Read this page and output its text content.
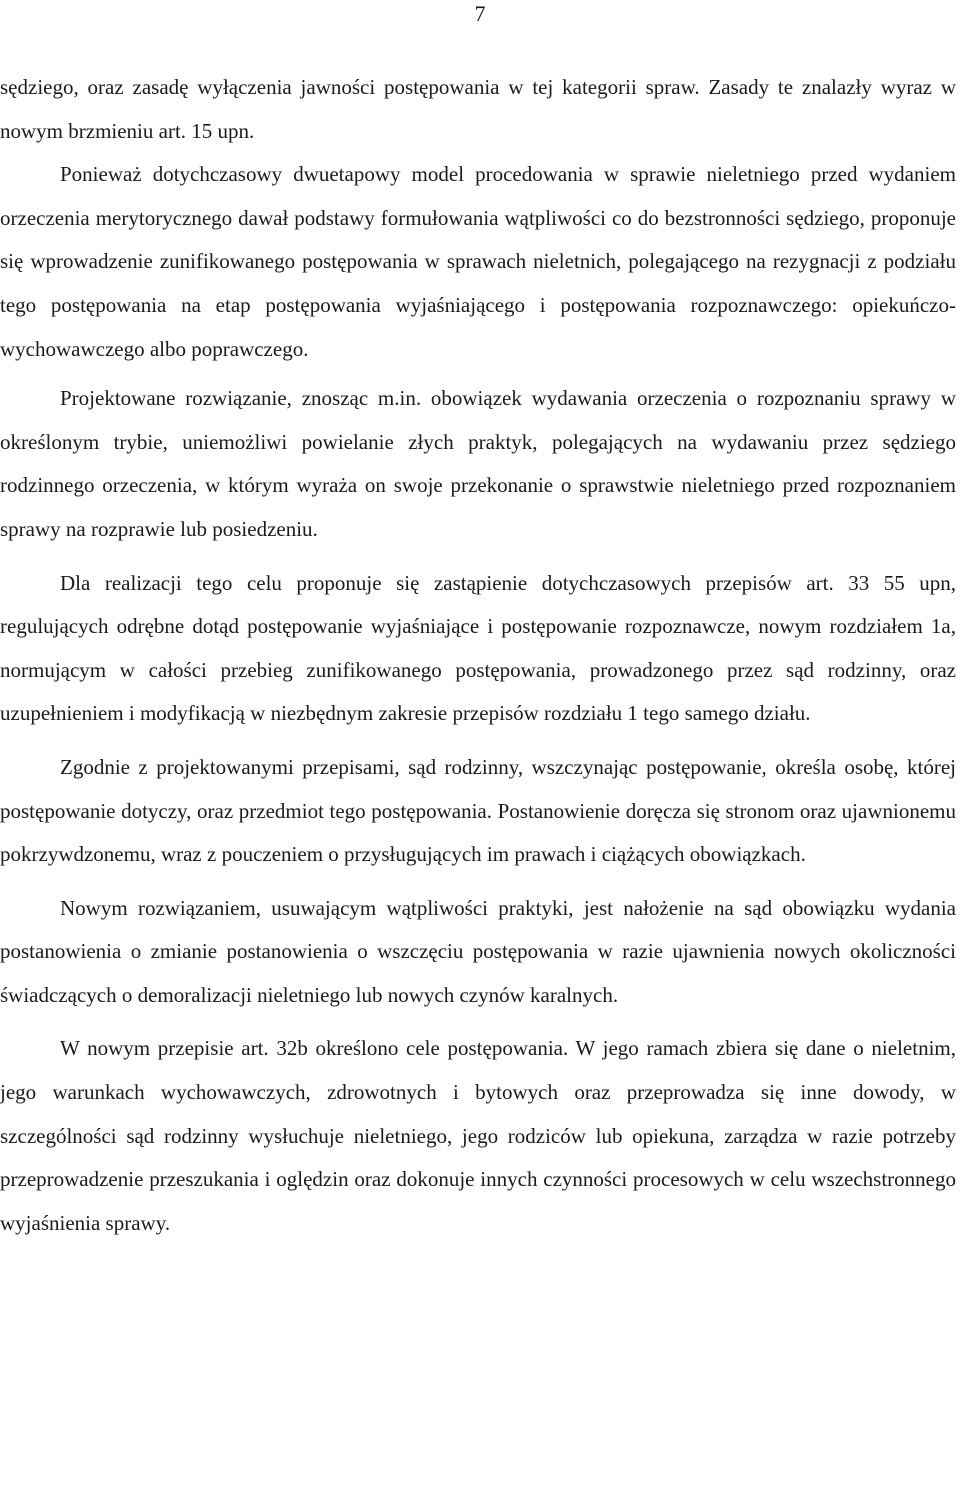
7

sędziego, oraz zasadę wyłączenia jawności postępowania w tej kategorii spraw. Zasady te znalazły wyraz w nowym brzmieniu art. 15 upn.

Ponieważ dotychczasowy dwuetapowy model procedowania w sprawie nieletniego przed wydaniem orzeczenia merytorycznego dawał podstawy formułowania wątpliwości co do bezstronności sędziego, proponuje się wprowadzenie zunifikowanego postępowania w sprawach nieletnich, polegającego na rezygnacji z podziału tego postępowania na etap postępowania wyjaśniającego i postępowania rozpoznawczego: opiekuńczo-wychowawczego albo poprawczego.

Projektowane rozwiązanie, znosząc m.in. obowiązek wydawania orzeczenia o rozpoznaniu sprawy w określonym trybie, uniemożliwi powielanie złych praktyk, polegających na wydawaniu przez sędziego rodzinnego orzeczenia, w którym wyraża on swoje przekonanie o sprawstwie nieletniego przed rozpoznaniem sprawy na rozprawie lub posiedzeniu.

Dla realizacji tego celu proponuje się zastąpienie dotychczasowych przepisów art. 33 55 upn, regulujących odrębne dotąd postępowanie wyjaśniające i postępowanie rozpoznawcze, nowym rozdziałem 1a, normującym w całości przebieg zunifikowanego postępowania, prowadzonego przez sąd rodzinny, oraz uzupełnieniem i modyfikacją w niezbędnym zakresie przepisów rozdziału 1 tego samego działu.

Zgodnie z projektowanymi przepisami, sąd rodzinny, wszczynając postępowanie, określa osobę, której postępowanie dotyczy, oraz przedmiot tego postępowania. Postanowienie doręcza się stronom oraz ujawnionemu pokrzywdzonemu, wraz z pouczeniem o przysługujących im prawach i ciążących obowiązkach.

Nowym rozwiązaniem, usuwającym wątpliwości praktyki, jest nałożenie na sąd obowiązku wydania postanowienia o zmianie postanowienia o wszczęciu postępowania w razie ujawnienia nowych okoliczności świadczących o demoralizacji nieletniego lub nowych czynów karalnych.

W nowym przepisie art. 32b określono cele postępowania. W jego ramach zbiera się dane o nieletnim, jego warunkach wychowawczych, zdrowotnych i bytowych oraz przeprowadza się inne dowody, w szczególności sąd rodzinny wysłuchuje nieletniego, jego rodziców lub opiekuna, zarządza w razie potrzeby przeprowadzenie przeszukania i oględzin oraz dokonuje innych czynności procesowych w celu wszechstronnego wyjaśnienia sprawy.
